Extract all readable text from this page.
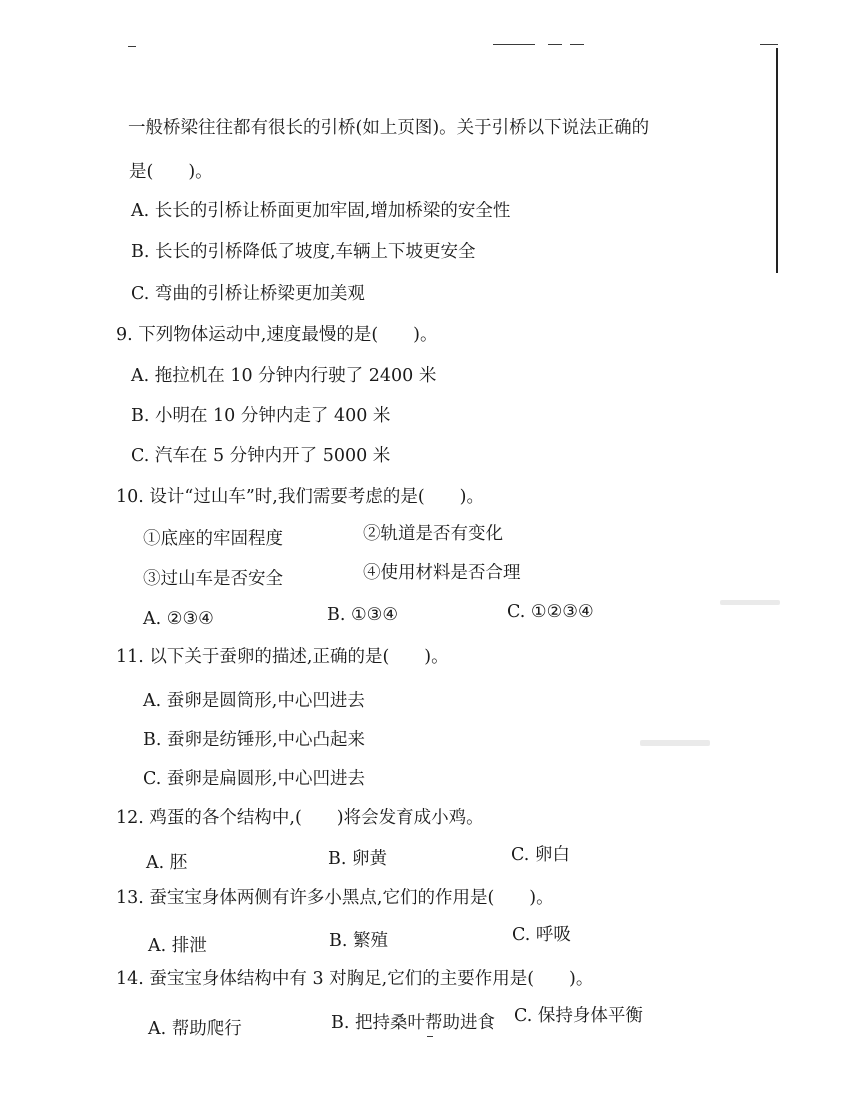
一般桥梁往往都有很长的引桥(如上页图)。关于引桥以下说法正确的
是(　　)。
A. 长长的引桥让桥面更加牢固,增加桥梁的安全性
B. 长长的引桥降低了坡度,车辆上下坡更安全
C. 弯曲的引桥让桥梁更加美观
9. 下列物体运动中,速度最慢的是(　　)。
A. 拖拉机在 10 分钟内行驶了 2400 米
B. 小明在 10 分钟内走了 400 米
C. 汽车在 5 分钟内开了 5000 米
10. 设计“过山车”时,我们需要考虑的是(　　)。
①底座的牢固程度	②轨道是否有变化
③过山车是否安全	④使用材料是否合理
A. ②③④	B. ①③④	C. ①②③④
11. 以下关于蚕卵的描述,正确的是(　　)。
A. 蚕卵是圆筒形,中心凹进去
B. 蚕卵是纺锤形,中心凸起来
C. 蚕卵是扁圆形,中心凹进去
12. 鸡蛋的各个结构中,(　　)将会发育成小鸡。
A. 胚	B. 卵黄	C. 卵白
13. 蚕宝宝身体两侧有许多小黑点,它们的作用是(　　)。
A. 排泄	B. 繁殖	C. 呼吸
14. 蚕宝宝身体结构中有 3 对胸足,它们的主要作用是(　　)。
A. 帮助爬行	B. 把持桑叶帮助进食 C. 保持身体平衡
